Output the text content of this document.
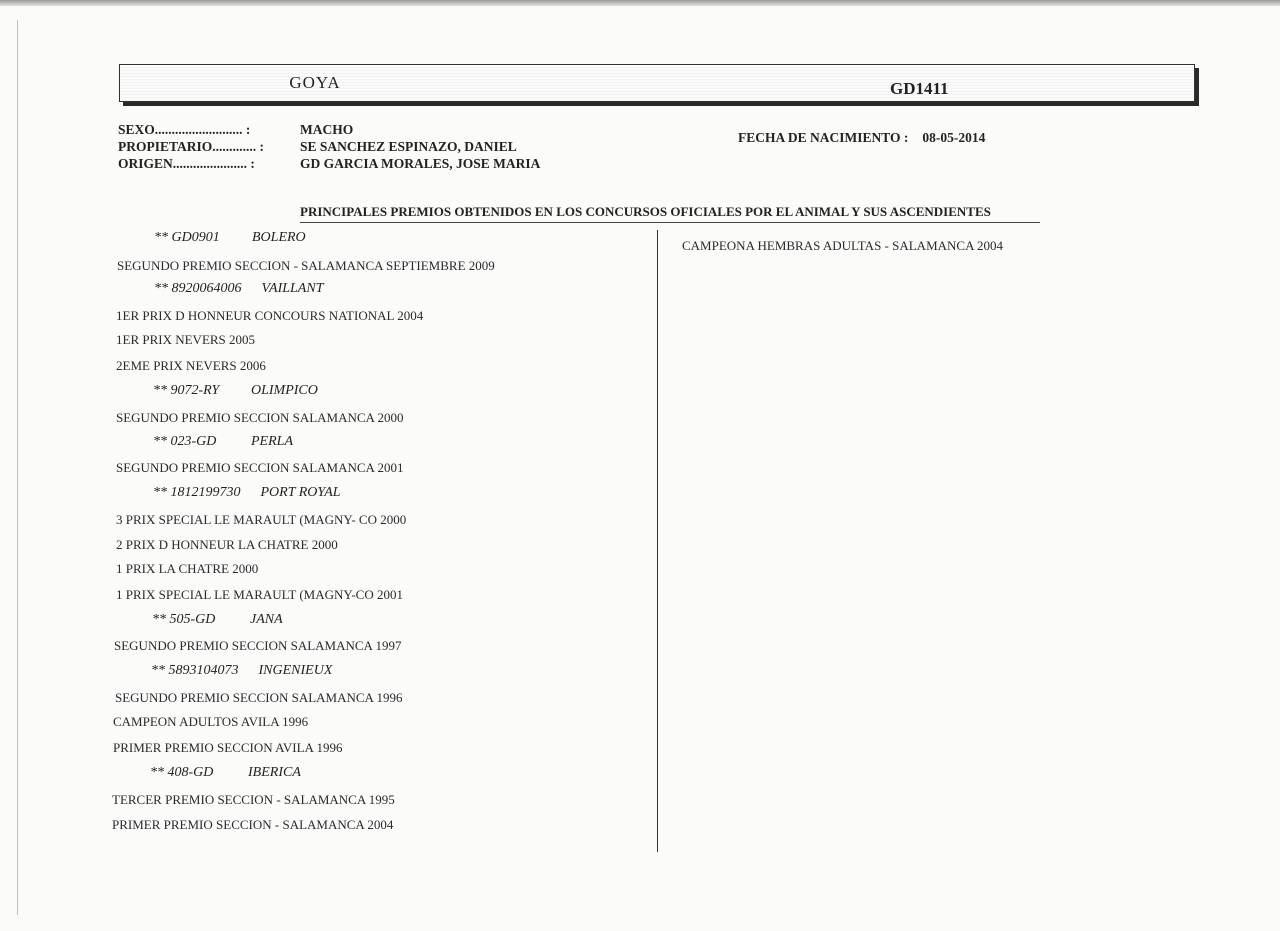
GOYA	GD1411
SEXO.......................... :
PROPIETARIO............. :
ORIGEN...................... :
MACHO
SE SANCHEZ ESPINAZO, DANIEL
GD GARCIA MORALES, JOSE MARIA
FECHA DE NACIMIENTO : 08-05-2014
PRINCIPALES PREMIOS OBTENIDOS EN LOS CONCURSOS OFICIALES POR EL ANIMAL Y SUS ASCENDIENTES
** GD0901 BOLERO
SEGUNDO PREMIO SECCION - SALAMANCA SEPTIEMBRE 2009
** 8920064006 VAILLANT
1ER PRIX D HONNEUR CONCOURS NATIONAL 2004
1ER PRIX NEVERS 2005
2EME PRIX NEVERS 2006
** 9072-RY OLIMPICO
SEGUNDO PREMIO SECCION SALAMANCA 2000
** 023-GD PERLA
SEGUNDO PREMIO SECCION SALAMANCA 2001
** 1812199730 PORT ROYAL
3 PRIX SPECIAL LE MARAULT (MAGNY- CO 2000
2 PRIX D HONNEUR LA CHATRE 2000
1 PRIX LA CHATRE 2000
1 PRIX SPECIAL LE MARAULT (MAGNY-CO 2001
** 505-GD JANA
SEGUNDO PREMIO SECCION SALAMANCA 1997
** 5893104073 INGENIEUX
SEGUNDO PREMIO SECCION SALAMANCA 1996
CAMPEON ADULTOS AVILA 1996
PRIMER PREMIO SECCION AVILA 1996
** 408-GD IBERICA
TERCER PREMIO SECCION - SALAMANCA 1995
PRIMER PREMIO SECCION - SALAMANCA 2004
CAMPEONA HEMBRAS ADULTAS - SALAMANCA 2004
